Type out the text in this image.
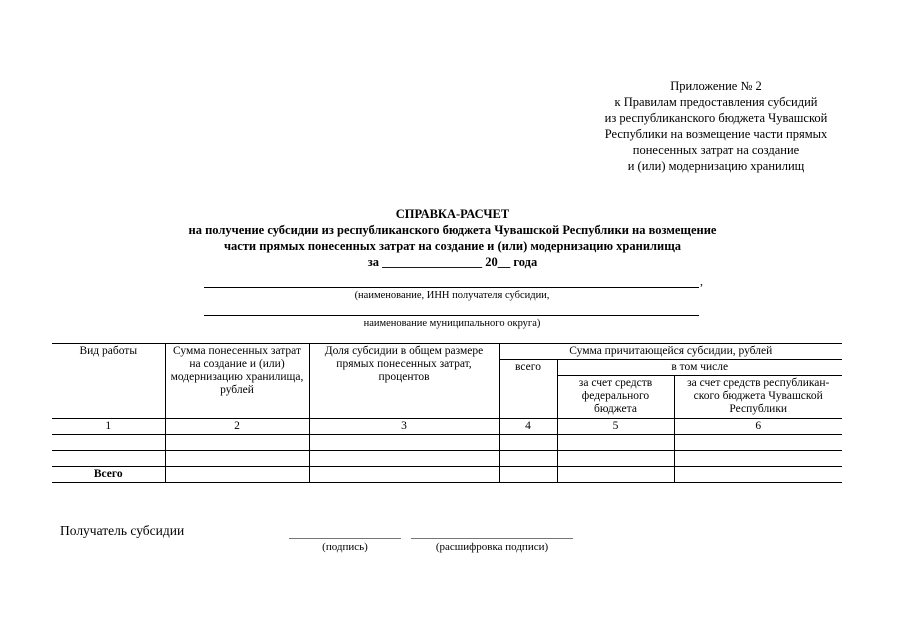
Приложение № 2
к Правилам предоставления субсидий
из республиканского бюджета Чувашской
Республики на возмещение части прямых
понесенных затрат на создание
и (или) модернизацию хранилищ
СПРАВКА-РАСЧЕТ
на получение субсидии из республиканского бюджета Чувашской Республики на возмещение
части прямых понесенных затрат на создание и (или) модернизацию хранилища
за ________________ 20__ года
,
(наименование, ИНН получателя субсидии,
наименование муниципального округа)
Вид работы	Сумма понесенных затрат на создание и (или) модернизацию хранилища, рублей	Доля субсидии в общем размере прямых понесенных затрат, процентов	Сумма причитающейся субсидии, рублей		
			всего	в том числе	
				за счет средств федерального бюджета	за счет средств республикан-ского бюджета Чувашской Республики
1	2	3	4	5	6

Всего					
Получатель субсидии
(подпись)	(расшифровка подписи)
